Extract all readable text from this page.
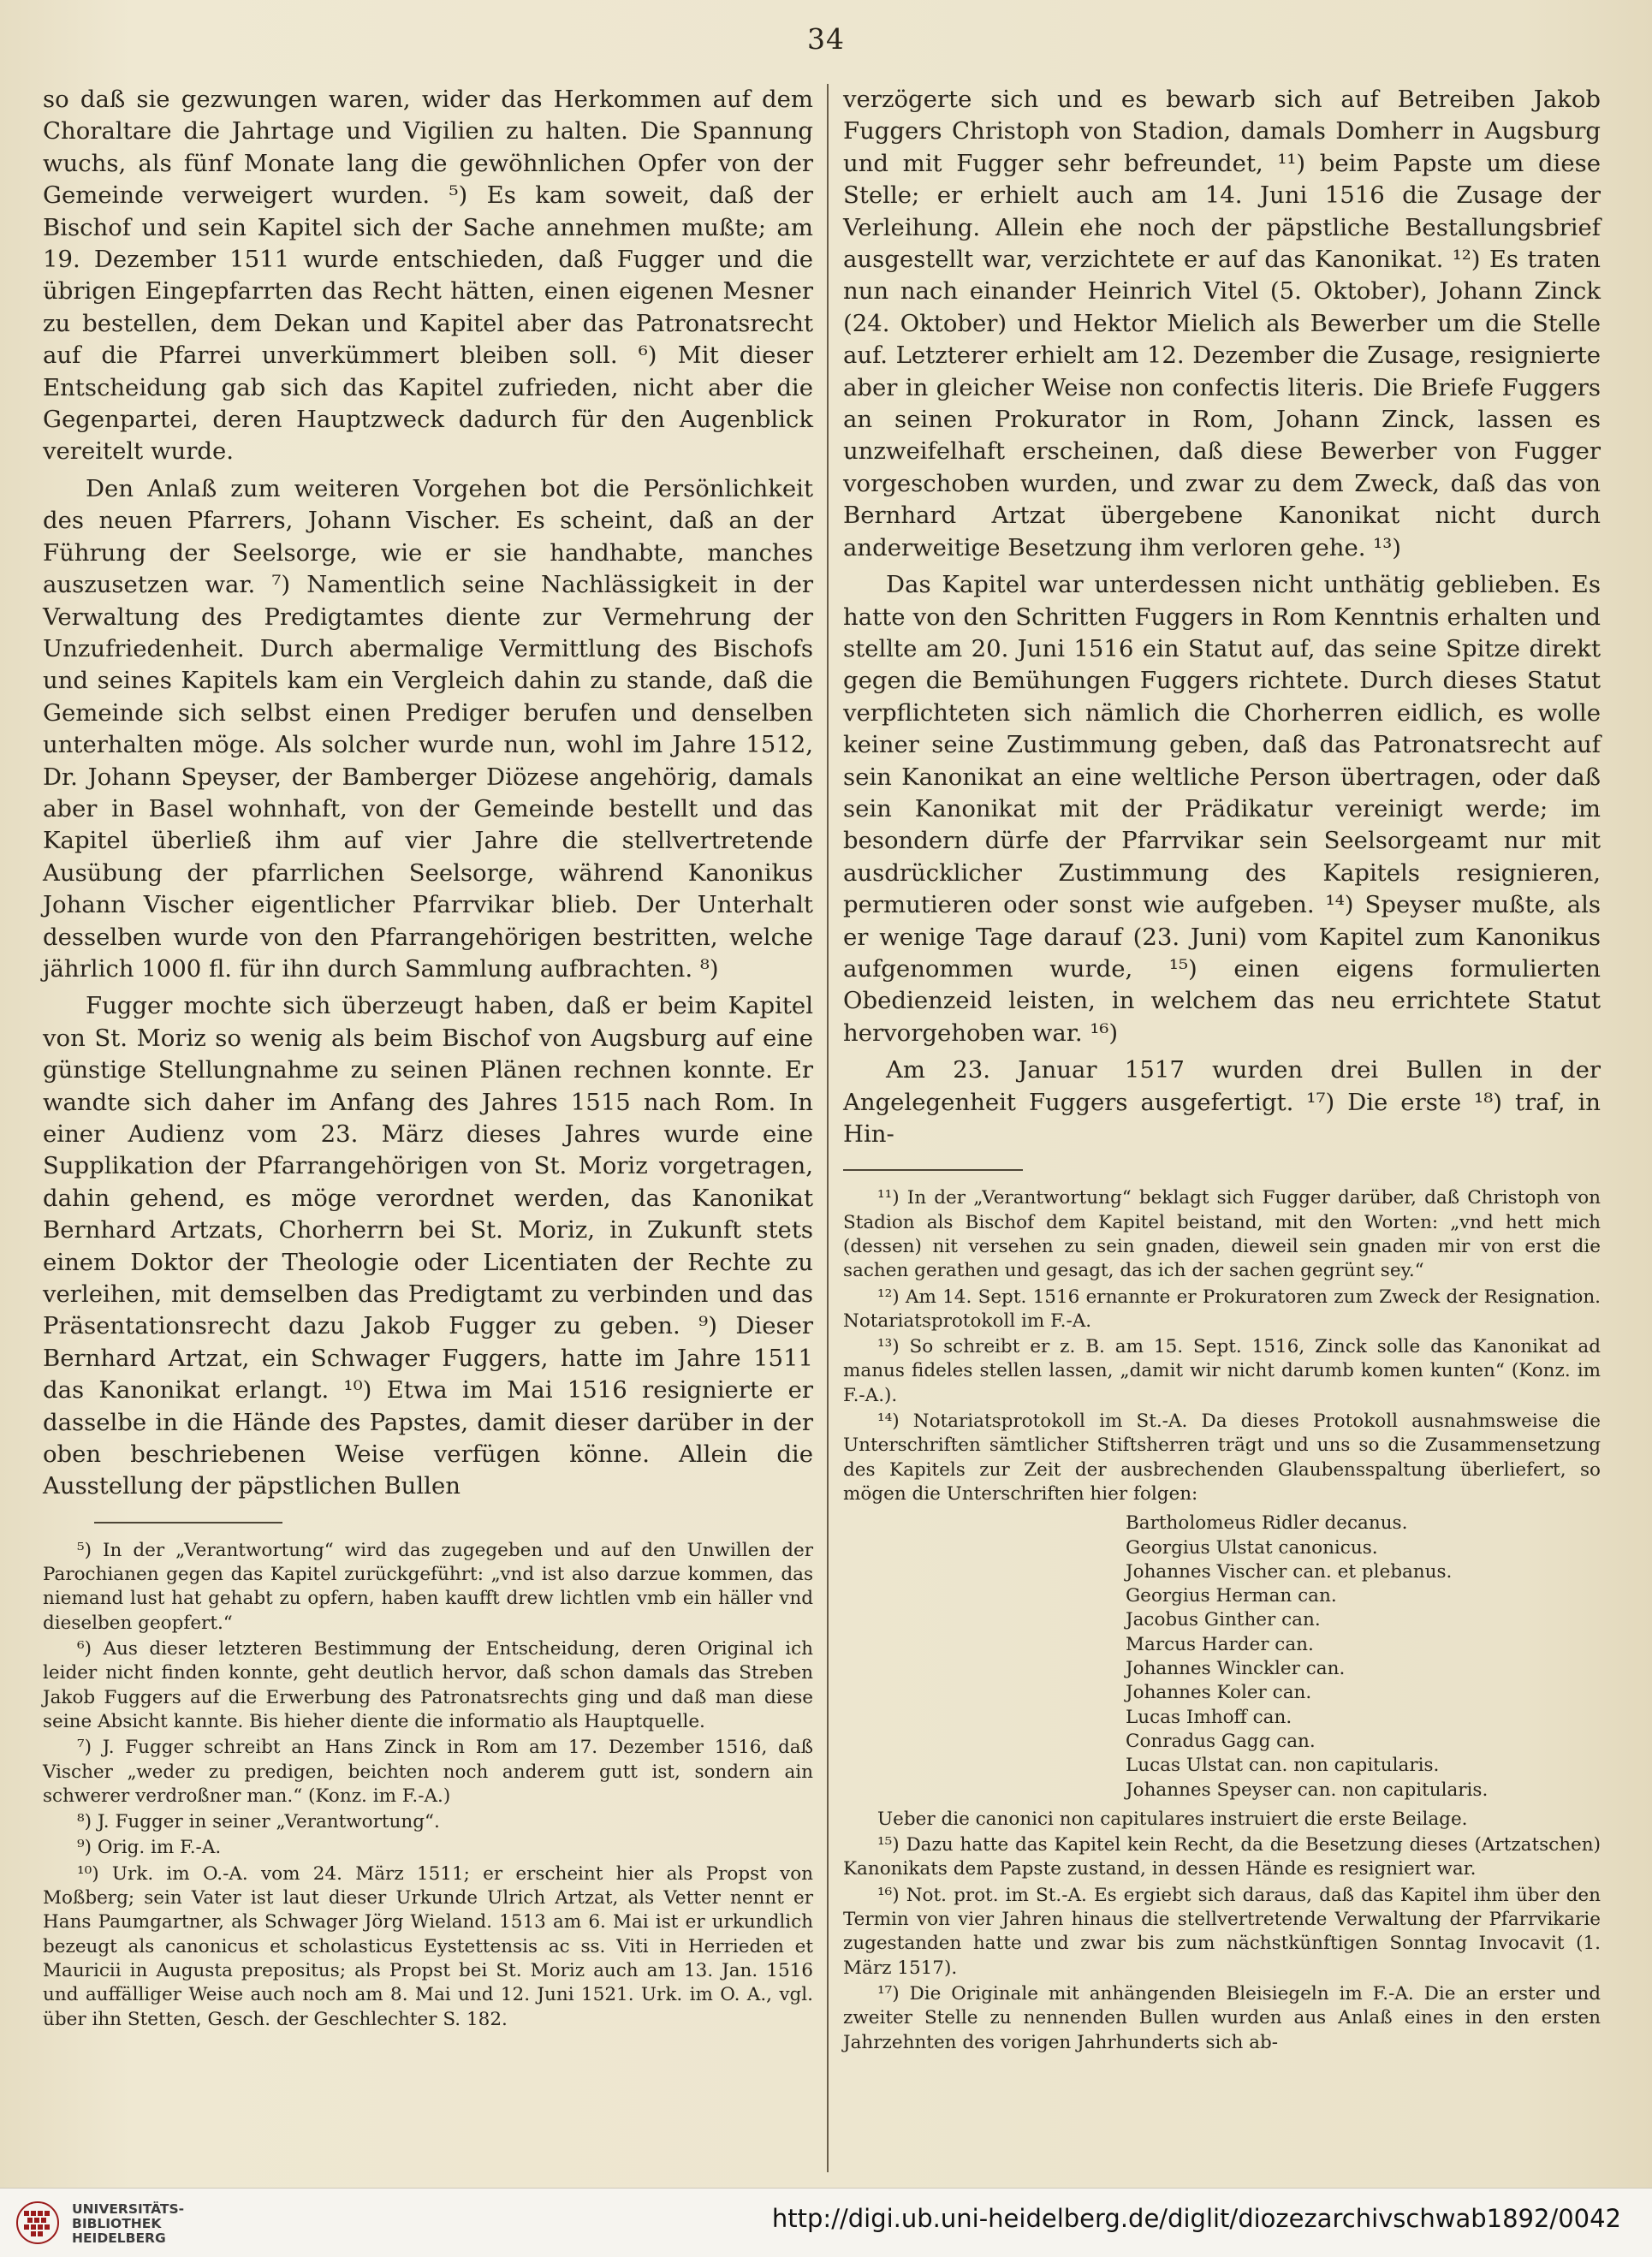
34

so daß sie gezwungen waren, wider das Herkommen auf dem Choraltare die Jahrtage und Vigilien zu halten. Die Spannung wuchs, als fünf Monate lang die gewöhnlichen Opfer von der Gemeinde verweigert wurden. ⁵) Es kam soweit, daß der Bischof und sein Kapitel sich der Sache annehmen mußte; am 19. Dezember 1511 wurde entschieden, daß Fugger und die übrigen Eingepfarrten das Recht hätten, einen eigenen Mesner zu bestellen, dem Dekan und Kapitel aber das Patronatsrecht auf die Pfarrei unverkümmert bleiben soll. ⁶) Mit dieser Entscheidung gab sich das Kapitel zufrieden, nicht aber die Gegenpartei, deren Hauptzweck dadurch für den Augenblick vereitelt wurde.

Den Anlaß zum weiteren Vorgehen bot die Persönlichkeit des neuen Pfarrers, Johann Vischer. Es scheint, daß an der Führung der Seelsorge, wie er sie handhabte, manches auszusetzen war. ⁷) Namentlich seine Nachlässigkeit in der Verwaltung des Predigtamtes diente zur Vermehrung der Unzufriedenheit. Durch abermalige Vermittlung des Bischofs und seines Kapitels kam ein Vergleich dahin zu stande, daß die Gemeinde sich selbst einen Prediger berufen und denselben unterhalten möge. Als solcher wurde nun, wohl im Jahre 1512, Dr. Johann Speyser, der Bamberger Diözese angehörig, damals aber in Basel wohnhaft, von der Gemeinde bestellt und das Kapitel überließ ihm auf vier Jahre die stellvertretende Ausübung der pfarrlichen Seelsorge, während Kanonikus Johann Vischer eigentlicher Pfarrvikar blieb. Der Unterhalt desselben wurde von den Pfarrangehörigen bestritten, welche jährlich 1000 fl. für ihn durch Sammlung aufbrachten. ⁸)

Fugger mochte sich überzeugt haben, daß er beim Kapitel von St. Moriz so wenig als beim Bischof von Augsburg auf eine günstige Stellungnahme zu seinen Plänen rechnen konnte. Er wandte sich daher im Anfang des Jahres 1515 nach Rom. In einer Audienz vom 23. März dieses Jahres wurde eine Supplikation der Pfarrangehörigen von St. Moriz vorgetragen, dahin gehend, es möge verordnet werden, das Kanonikat Bernhard Artzats, Chorherrn bei St. Moriz, in Zukunft stets einem Doktor der Theologie oder Licentiaten der Rechte zu verleihen, mit demselben das Predigtamt zu verbinden und das Präsentationsrecht dazu Jakob Fugger zu geben. ⁹) Dieser Bernhard Artzat, ein Schwager Fuggers, hatte im Jahre 1511 das Kanonikat erlangt. ¹⁰) Etwa im Mai 1516 resignierte er dasselbe in die Hände des Papstes, damit dieser darüber in der oben beschriebenen Weise verfügen könne. Allein die Ausstellung der päpstlichen Bullen

⁵) In der „Verantwortung“ wird das zugegeben und auf den Unwillen der Parochianen gegen das Kapitel zurückgeführt: „vnd ist also darzue kommen, das niemand lust hat gehabt zu opfern, haben kaufft drew lichtlen vmb ein häller vnd dieselben geopfert.“

⁶) Aus dieser letzteren Bestimmung der Entscheidung, deren Original ich leider nicht finden konnte, geht deutlich hervor, daß schon damals das Streben Jakob Fuggers auf die Erwerbung des Patronatsrechts ging und daß man diese seine Absicht kannte. Bis hieher diente die informatio als Hauptquelle.

⁷) J. Fugger schreibt an Hans Zinck in Rom am 17. Dezember 1516, daß Vischer „weder zu predigen, beichten noch anderem gutt ist, sondern ain schwerer verdroßner man.“ (Konz. im F.-A.)

⁸) J. Fugger in seiner „Verantwortung“.

⁹) Orig. im F.-A.

¹⁰) Urk. im O.-A. vom 24. März 1511; er erscheint hier als Propst von Moßberg; sein Vater ist laut dieser Urkunde Ulrich Artzat, als Vetter nennt er Hans Paumgartner, als Schwager Jörg Wieland. 1513 am 6. Mai ist er urkundlich bezeugt als canonicus et scholasticus Eystettensis ac ss. Viti in Herrieden et Mauricii in Augusta prepositus; als Propst bei St. Moriz auch am 13. Jan. 1516 und auffälliger Weise auch noch am 8. Mai und 12. Juni 1521. Urk. im O. A., vgl. über ihn Stetten, Gesch. der Geschlechter S. 182.

verzögerte sich und es bewarb sich auf Betreiben Jakob Fuggers Christoph von Stadion, damals Domherr in Augsburg und mit Fugger sehr befreundet, ¹¹) beim Papste um diese Stelle; er erhielt auch am 14. Juni 1516 die Zusage der Verleihung. Allein ehe noch der päpstliche Bestallungsbrief ausgestellt war, verzichtete er auf das Kanonikat. ¹²) Es traten nun nach einander Heinrich Vitel (5. Oktober), Johann Zinck (24. Oktober) und Hektor Mielich als Bewerber um die Stelle auf. Letzterer erhielt am 12. Dezember die Zusage, resignierte aber in gleicher Weise non confectis literis. Die Briefe Fuggers an seinen Prokurator in Rom, Johann Zinck, lassen es unzweifelhaft erscheinen, daß diese Bewerber von Fugger vorgeschoben wurden, und zwar zu dem Zweck, daß das von Bernhard Artzat übergebene Kanonikat nicht durch anderweitige Besetzung ihm verloren gehe. ¹³)

Das Kapitel war unterdessen nicht unthätig geblieben. Es hatte von den Schritten Fuggers in Rom Kenntnis erhalten und stellte am 20. Juni 1516 ein Statut auf, das seine Spitze direkt gegen die Bemühungen Fuggers richtete. Durch dieses Statut verpflichteten sich nämlich die Chorherren eidlich, es wolle keiner seine Zustimmung geben, daß das Patronatsrecht auf sein Kanonikat an eine weltliche Person übertragen, oder daß sein Kanonikat mit der Prädikatur vereinigt werde; im besondern dürfe der Pfarrvikar sein Seelsorgeamt nur mit ausdrücklicher Zustimmung des Kapitels resignieren, permutieren oder sonst wie aufgeben. ¹⁴) Speyser mußte, als er wenige Tage darauf (23. Juni) vom Kapitel zum Kanonikus aufgenommen wurde, ¹⁵) einen eigens formulierten Obedienzeid leisten, in welchem das neu errichtete Statut hervorgehoben war. ¹⁶)

Am 23. Januar 1517 wurden drei Bullen in der Angelegenheit Fuggers ausgefertigt. ¹⁷) Die erste ¹⁸) traf, in Hin-

¹¹) In der „Verantwortung“ beklagt sich Fugger darüber, daß Christoph von Stadion als Bischof dem Kapitel beistand, mit den Worten: „vnd hett mich (dessen) nit versehen zu sein gnaden, dieweil sein gnaden mir von erst die sachen gerathen und gesagt, das ich der sachen gegrünt sey.“

¹²) Am 14. Sept. 1516 ernannte er Prokuratoren zum Zweck der Resignation. Notariatsprotokoll im F.-A.

¹³) So schreibt er z. B. am 15. Sept. 1516, Zinck solle das Kanonikat ad manus fideles stellen lassen, „damit wir nicht darumb komen kunten“ (Konz. im F.-A.).

¹⁴) Notariatsprotokoll im St.-A. Da dieses Protokoll ausnahmsweise die Unterschriften sämtlicher Stiftsherren trägt und uns so die Zusammensetzung des Kapitels zur Zeit der ausbrechenden Glaubensspaltung überliefert, so mögen die Unterschriften hier folgen:

Bartholomeus Ridler decanus.
Georgius Ulstat canonicus.
Johannes Vischer can. et plebanus.
Georgius Herman can.
Jacobus Ginther can.
Marcus Harder can.
Johannes Winckler can.
Johannes Koler can.
Lucas Imhoff can.
Conradus Gagg can.
Lucas Ulstat can. non capitularis.
Johannes Speyser can. non capitularis.

Ueber die canonici non capitulares instruiert die erste Beilage.

¹⁵) Dazu hatte das Kapitel kein Recht, da die Besetzung dieses (Artzatschen) Kanonikats dem Papste zustand, in dessen Hände es resigniert war.

¹⁶) Not. prot. im St.-A. Es ergiebt sich daraus, daß das Kapitel ihm über den Termin von vier Jahren hinaus die stellvertretende Verwaltung der Pfarrvikarie zugestanden hatte und zwar bis zum nächstkünftigen Sonntag Invocavit (1. März 1517).

¹⁷) Die Originale mit anhängenden Bleisiegeln im F.-A. Die an erster und zweiter Stelle zu nennenden Bullen wurden aus Anlaß eines in den ersten Jahrzehnten des vorigen Jahrhunderts sich ab-

UNIVERSITÄTS-
BIBLIOTHEK
HEIDELBERG
http://digi.ub.uni-heidelberg.de/diglit/diozezarchivschwab1892/0042
